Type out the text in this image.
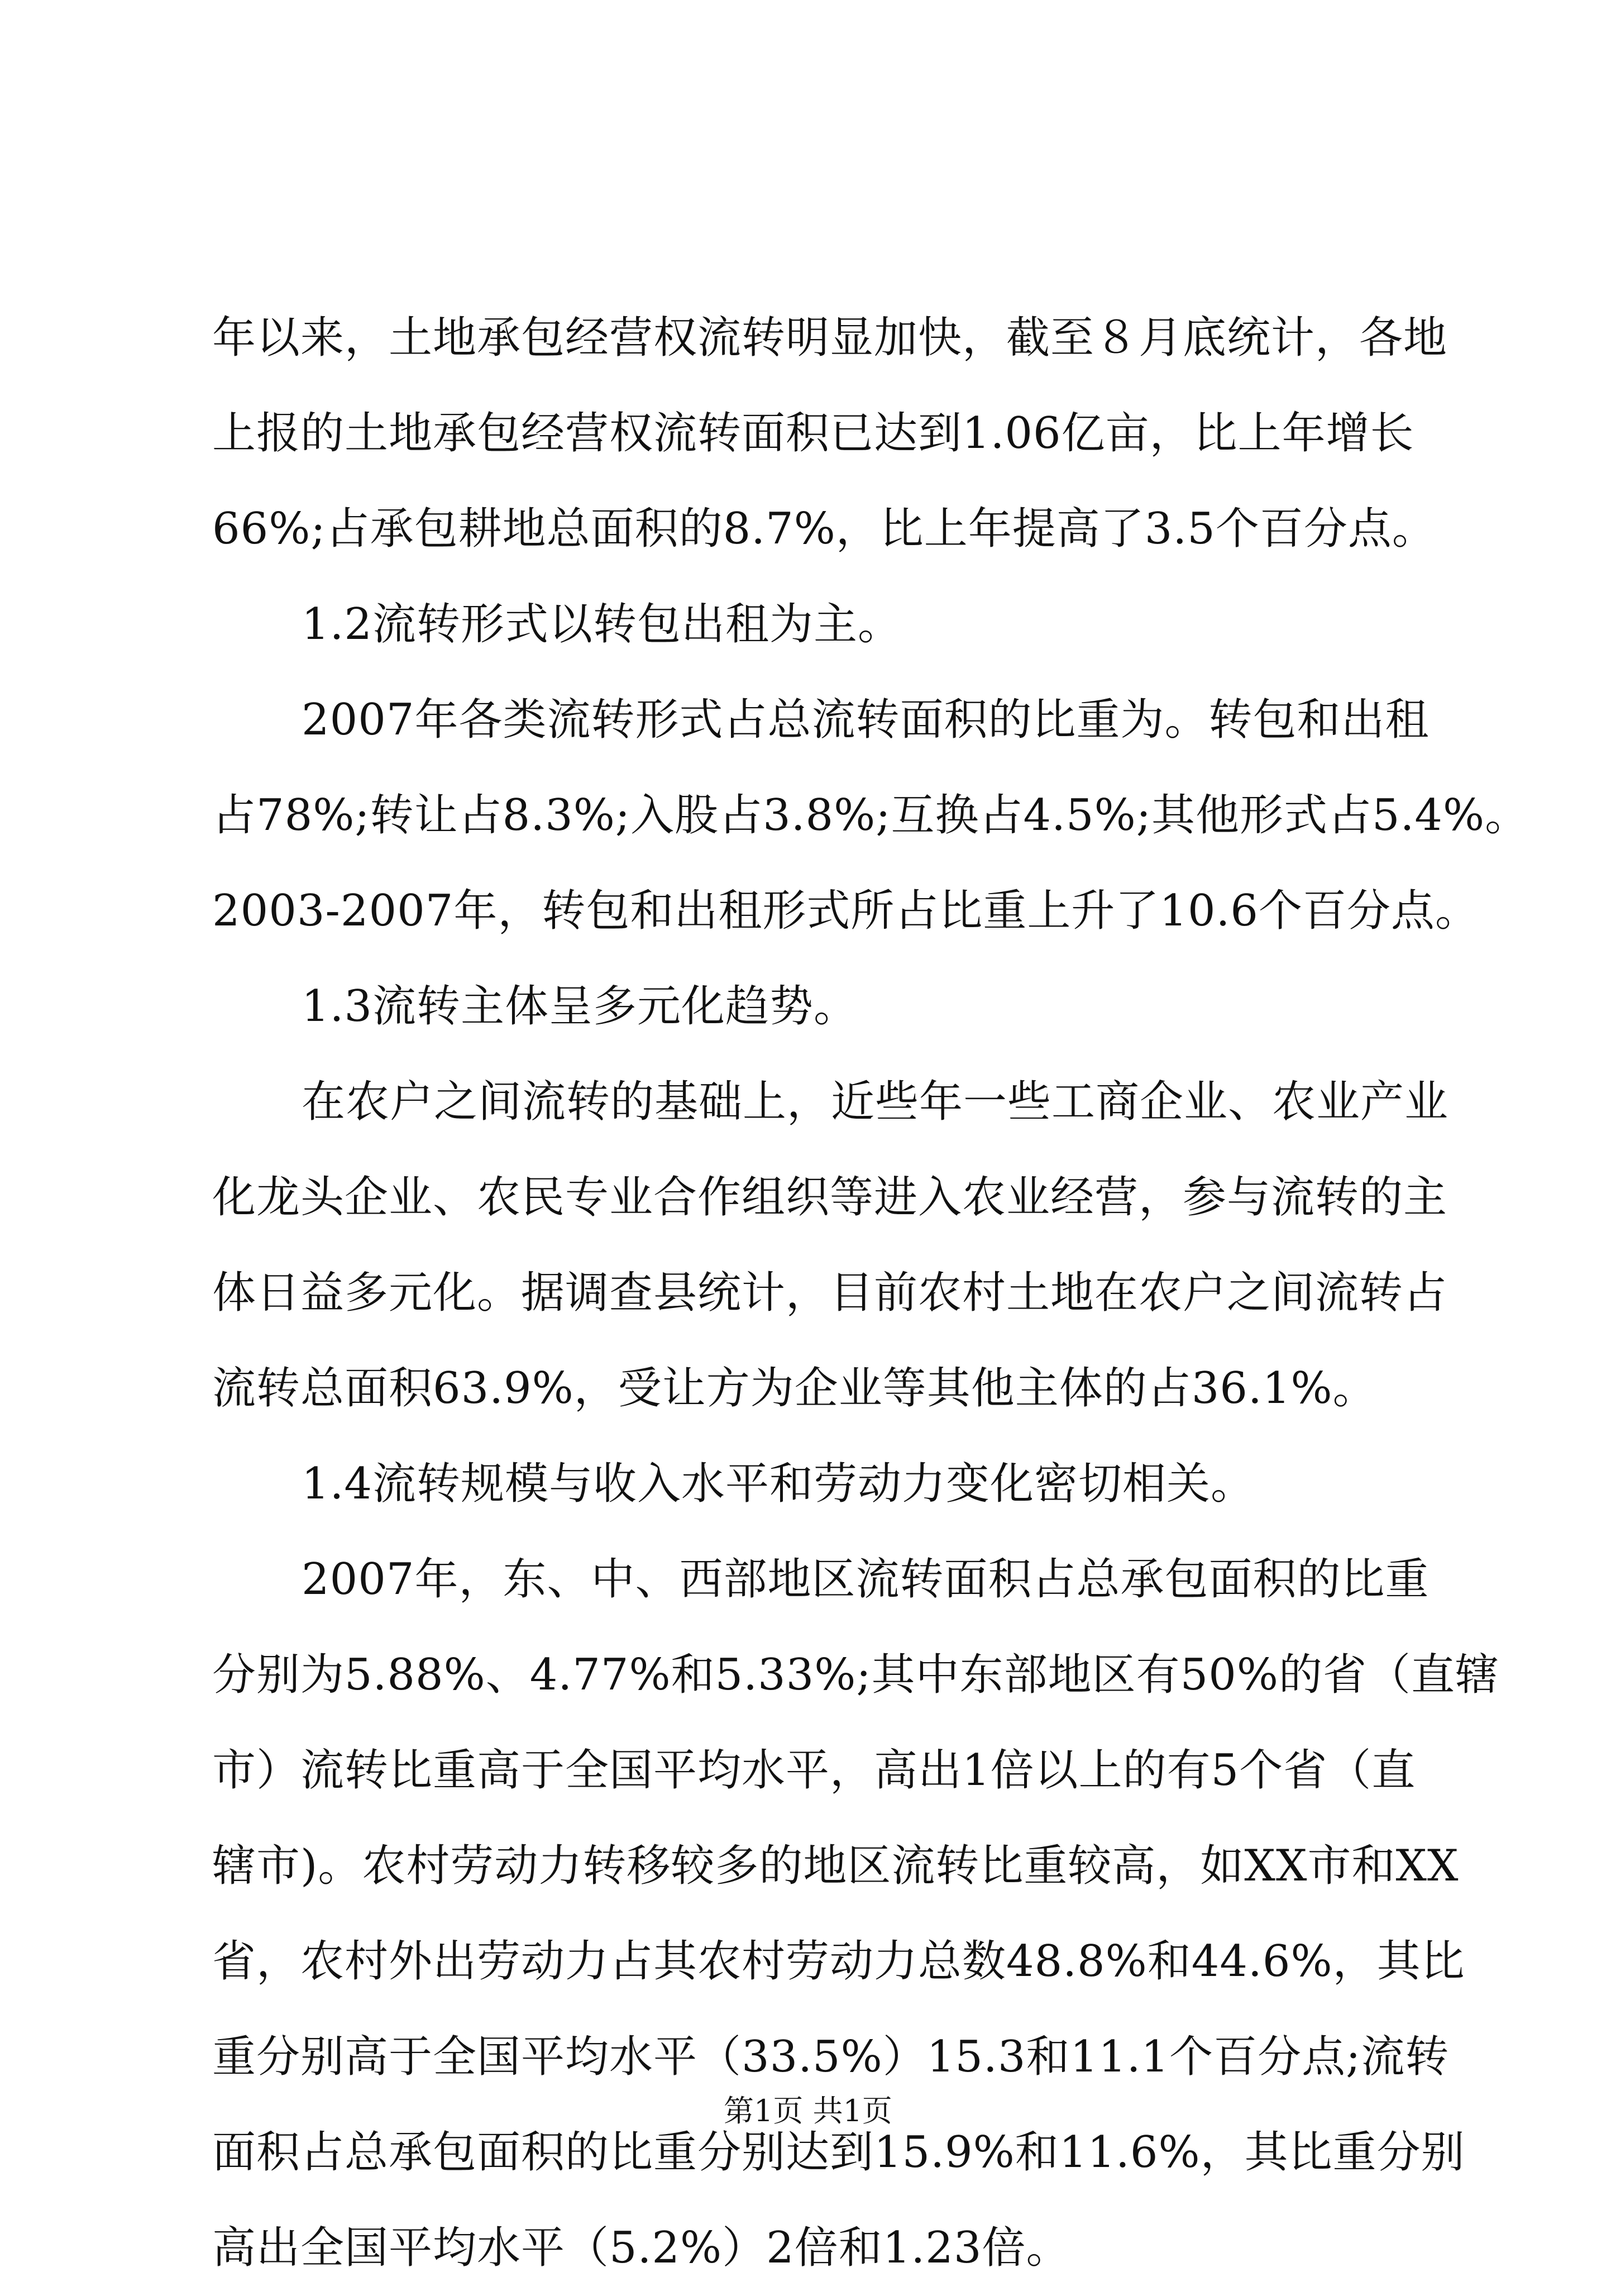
年以来，土地承包经营权流转明显加快，截至８月底统计，各地
上报的土地承包经营权流转面积已达到1.06亿亩，比上年增长
66%;占承包耕地总面积的8.7%，比上年提高了3.5个百分点。
1.2流转形式以转包出租为主。
2007年各类流转形式占总流转面积的比重为。转包和出租
占78%;转让占8.3%;入股占3.8%;互换占4.5%;其他形式占5.4%。
2003-2007年，转包和出租形式所占比重上升了10.6个百分点。
1.3流转主体呈多元化趋势。
在农户之间流转的基础上，近些年一些工商企业、农业产业
化龙头企业、农民专业合作组织等进入农业经营，参与流转的主
体日益多元化。据调查县统计，目前农村土地在农户之间流转占
流转总面积63.9%，受让方为企业等其他主体的占36.1%。
1.4流转规模与收入水平和劳动力变化密切相关。
2007年，东、中、西部地区流转面积占总承包面积的比重
分别为5.88%、4.77%和5.33%;其中东部地区有50%的省（直辖
市）流转比重高于全国平均水平，高出1倍以上的有5个省（直
辖市)。农村劳动力转移较多的地区流转比重较高，如XX市和XX
省，农村外出劳动力占其农村劳动力总数48.8%和44.6%，其比
重分别高于全国平均水平（33.5%）15.3和11.1个百分点;流转
面积占总承包面积的比重分别达到15.9%和11.6%，其比重分别
高出全国平均水平（5.2%）2倍和1.23倍。
第1页 共1页
